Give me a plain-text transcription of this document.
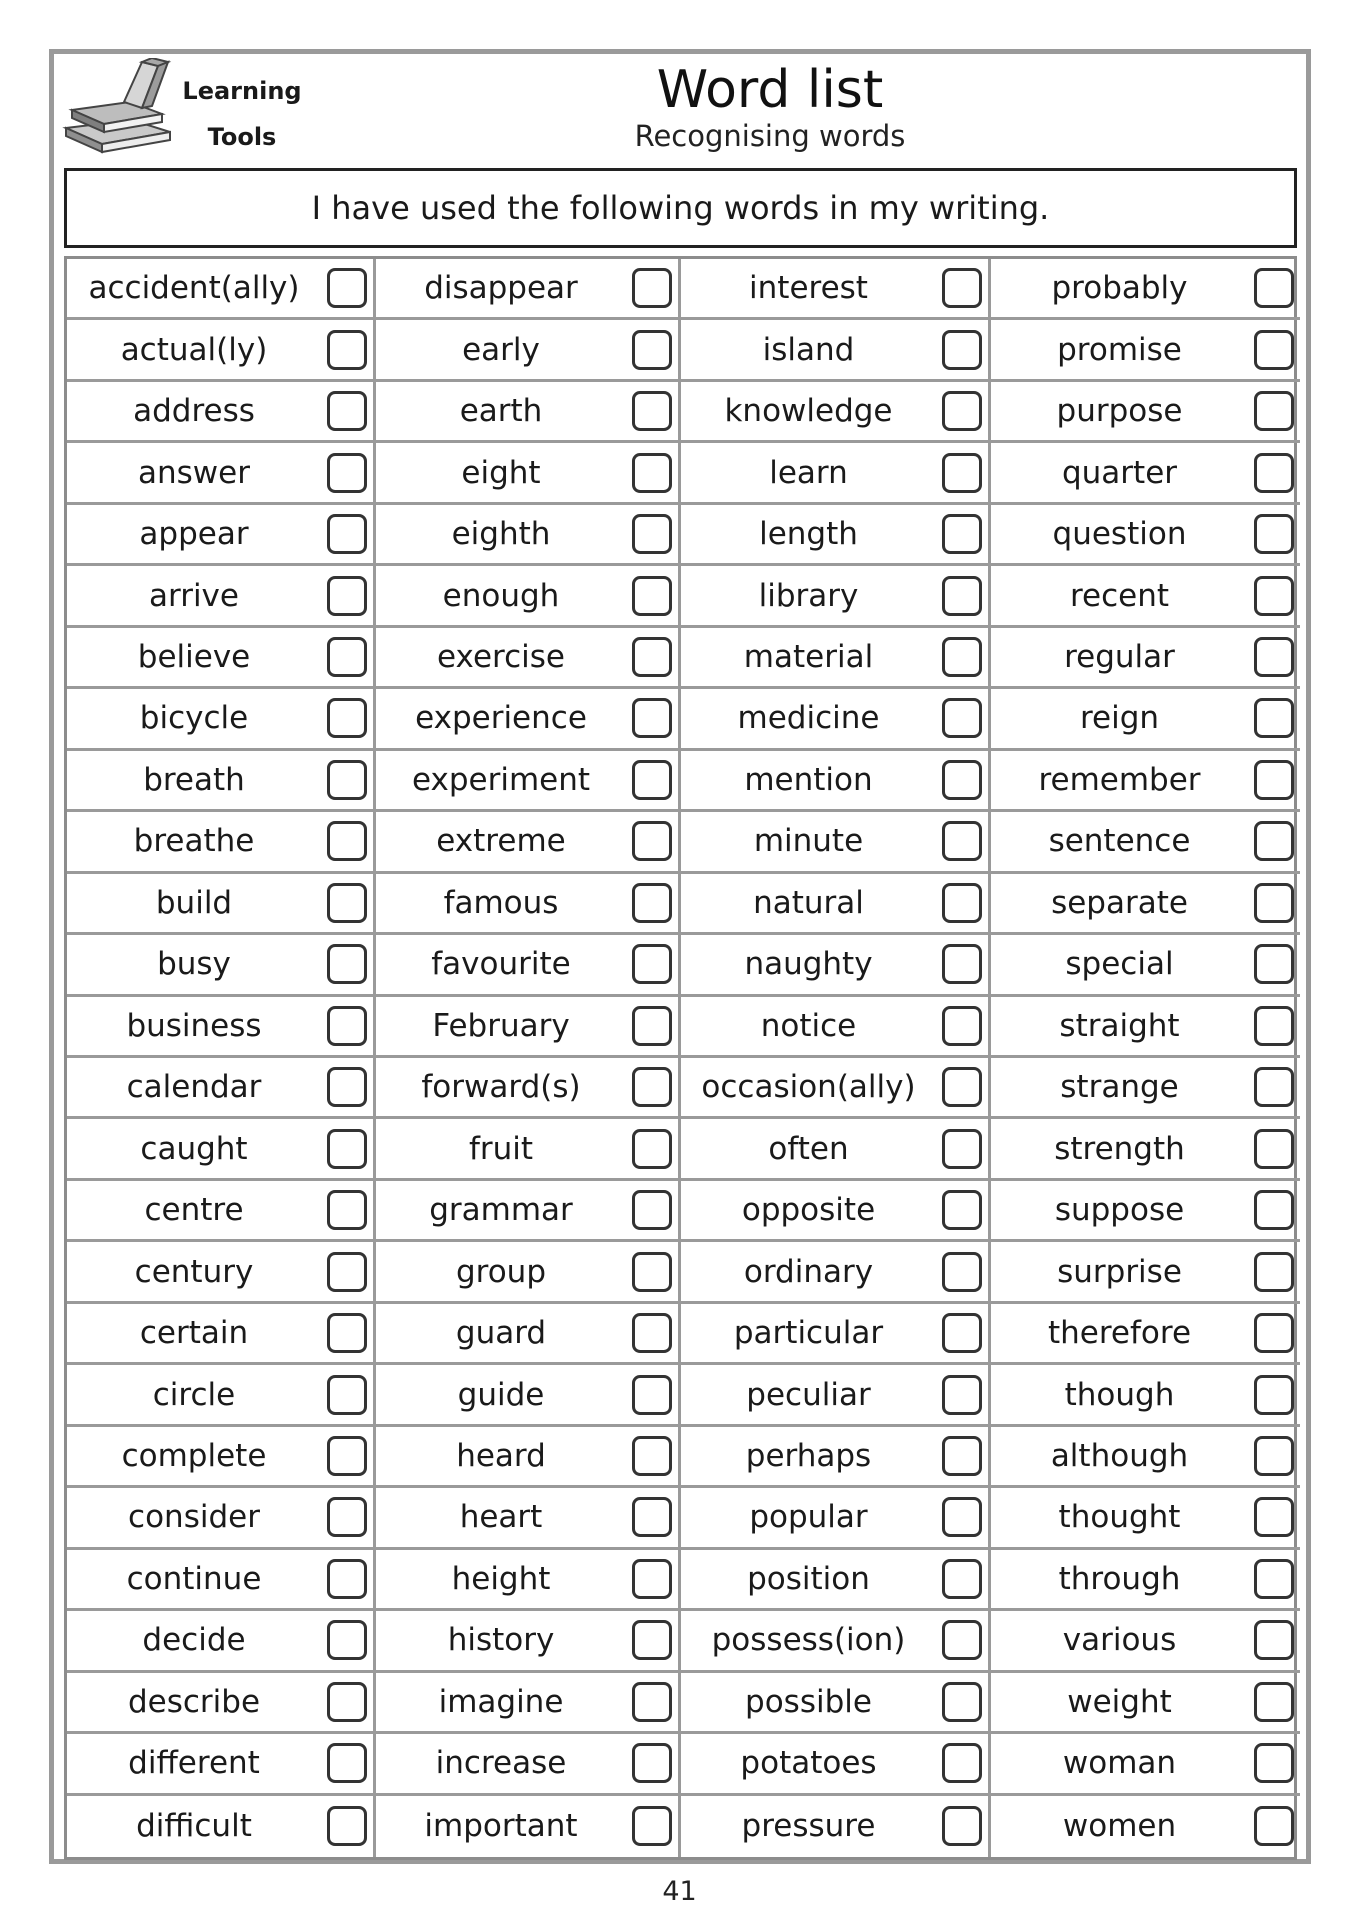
Learning
Tools
Word list
Recognising words
I have used the following words in my writing.
accident(ally)	disappear	interest	probably
actual(ly)	early	island	promise
address	earth	knowledge	purpose
answer	eight	learn	quarter
appear	eighth	length	question
arrive	enough	library	recent
believe	exercise	material	regular
bicycle	experience	medicine	reign
breath	experiment	mention	remember
breathe	extreme	minute	sentence
build	famous	natural	separate
busy	favourite	naughty	special
business	February	notice	straight
calendar	forward(s)	occasion(ally)	strange
caught	fruit	often	strength
centre	grammar	opposite	suppose
century	group	ordinary	surprise
certain	guard	particular	therefore
circle	guide	peculiar	though
complete	heard	perhaps	although
consider	heart	popular	thought
continue	height	position	through
decide	history	possess(ion)	various
describe	imagine	possible	weight
different	increase	potatoes	woman
difficult	important	pressure	women
41
